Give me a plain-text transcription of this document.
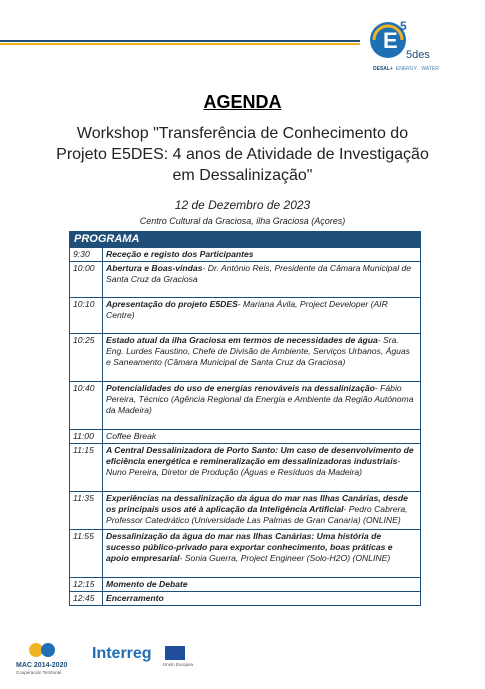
E
5
5des
DESAL+ ENERGY · WATER
AGENDA
Workshop "Transferência de Conhecimento do Projeto E5DES: 4 anos de Atividade de Investigação em Dessalinização"
12 de Dezembro de 2023
Centro Cultural da Graciosa, ilha Graciosa (Açores)
PROGRAMA
9:30	Receção e registo dos Participantes
10:00	Abertura e Boas-vindas- Dr. António Reis, Presidente da Câmara Municipal de Santa Cruz da Graciosa
10:10	Apresentação do projeto E5DES- Mariana Ávila, Project Developer (AIR Centre)
10:25	Estado atual da ilha Graciosa em termos de necessidades de água- Sra. Eng. Lurdes Faustino, Chefe de Divisão de Ambiente, Serviços Urbanos, Águas e Saneamento (Câmara Municipal de Santa Cruz da Graciosa)
10:40	Potencialidades do uso de energias renováveis na dessalinização- Fábio Pereira, Técnico (Agência Regional da Energia e Ambiente da Região Autónoma da Madeira)
11:00	Coffee Break
11:15	A Central Dessalinizadora de Porto Santo: Um caso de desenvolvimento de eficiência energética e remineralização em dessalinizadoras industriais- Nuno Pereira, Diretor de Produção (Águas e Resíduos da Madeira)
11:35	Experiências na dessalinização da água do mar nas Ilhas Canárias, desde os principais usos até à aplicação da Inteligência Artificial- Pedro Cabrera, Professor Catedrático (Universidade Las Palmas de Gran Canaria) (ONLINE)
11:55	Dessalinização da água do mar nas Ilhas Canárias: Uma história de sucesso público-privado para exportar conhecimento, boas práticas e apoio empresarial- Sonia Guerra, Project Engineer (Solo-H2O) (ONLINE)
12:15	Momento de Debate
12:45	Encerramento
MAC 2014-2020
Cooperación Territorial
Interreg
Unión Europea
